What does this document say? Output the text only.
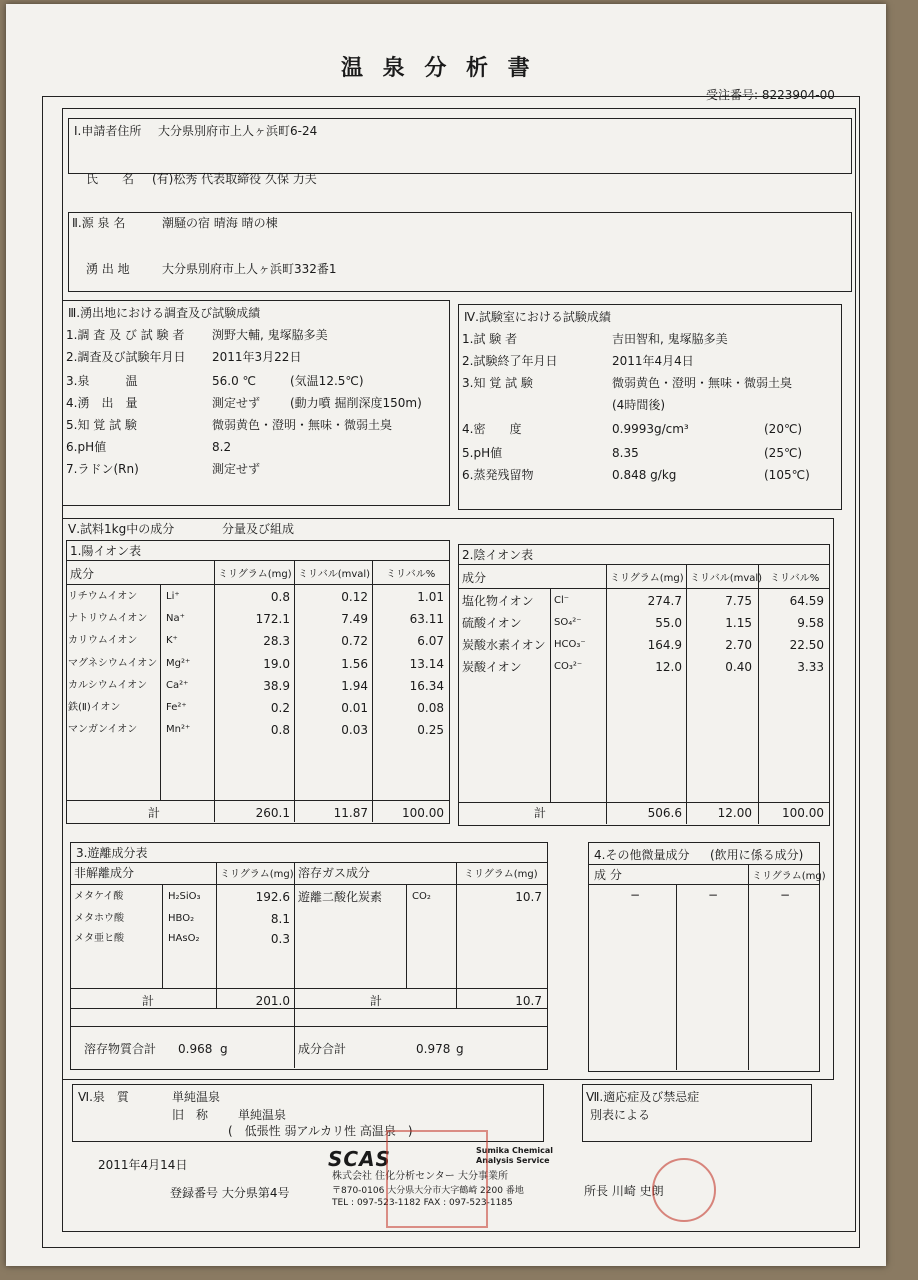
温 泉 分 析 書
受注番号: 8223904-00
Ⅰ.申請者住所 大分県別府市上人ヶ浜町6-24
氏　　名 (有)松秀 代表取締役 久保 力夫
Ⅱ.源 泉 名	潮騒の宿 晴海 晴の棟
湧 出 地	大分県別府市上人ヶ浜町332番1
Ⅲ.湧出地における調査及び試験成績
1.調 査 及 び 試 験 者 渕野大輔, 鬼塚脇多美
2.調査及び試験年月日 2011年3月22日
3.泉　　　温	56.0 ℃	(気温12.5℃)
4.湧　出　量	測定せず (動力噴 掘削深度150m)
5.知 覚 試 験	微弱黄色・澄明・無味・微弱土臭
6.pH値	8.2
7.ラドン(Rn)	測定せず
Ⅳ.試験室における試験成績
1.試 験 者	吉田智和, 鬼塚脇多美
2.試験終了年月日	2011年4月4日
3.知 覚 試 験	微弱黄色・澄明・無味・微弱土臭
(4時間後)
4.密　　度	0.9993g/cm³	(20℃)
5.pH値	8.35	(25℃)
6.蒸発残留物	0.848 g/kg	(105℃)
Ⅴ.試料1kg中の成分	分量及び組成
1.陽イオン表
成分	ミリグラム(mg) ミリバル(mval) ミリバル%
リチウムイオン	Li⁺	0.8	0.12	1.01
ナトリウムイオン Na⁺	172.1	7.49	63.11
カリウムイオン	K⁺	28.3	0.72	6.07
マグネシウムイオン Mg²⁺	19.0	1.56	13.14
カルシウムイオン Ca²⁺	38.9	1.94	16.34
鉄(Ⅱ)イオン	Fe²⁺	0.2	0.01	0.08
マンガンイオン	Mn²⁺	0.8	0.03	0.25
計	260.1	11.87	100.00
2.陰イオン表
成分	ミリグラム(mg) ミリバル(mval) ミリバル%
塩化物イオン Cl⁻	274.7	7.75	64.59
硫酸イオン	SO₄²⁻	55.0	1.15	9.58
炭酸水素イオン HCO₃⁻	164.9	2.70	22.50
炭酸イオン	CO₃²⁻	12.0	0.40	3.33
計	506.6	12.00	100.00
3.遊離成分表
非解離成分	ミリグラム(mg) 溶存ガス成分	ミリグラム(mg)
メタケイ酸	H₂SiO₃	192.6
メタホウ酸	HBO₂	8.1
メタ亜ヒ酸	HAsO₂	0.3
遊離二酸化炭素	CO₂	10.7
計	201.0	計	10.7
溶存物質合計 0.968 g	成分合計	0.978 g
4.その他微量成分 (飲用に係る成分)
成 分	ミリグラム(mg)
−	−	−
Ⅵ.泉　質	単純温泉
旧　称 単純温泉
(　低張性 弱アルカリ性 高温泉　)
Ⅶ.適応症及び禁忌症
別表による
2011年4月14日
登録番号 大分県第4号
SCAS	Sumika Chemical
Analysis Service
株式会社 住化分析センター 大分事業所
〒870-0106 大分県大分市大字鶴崎 2200 番地
TEL : 097-523-1182 FAX : 097-523-1185
所長 川崎 史朗
